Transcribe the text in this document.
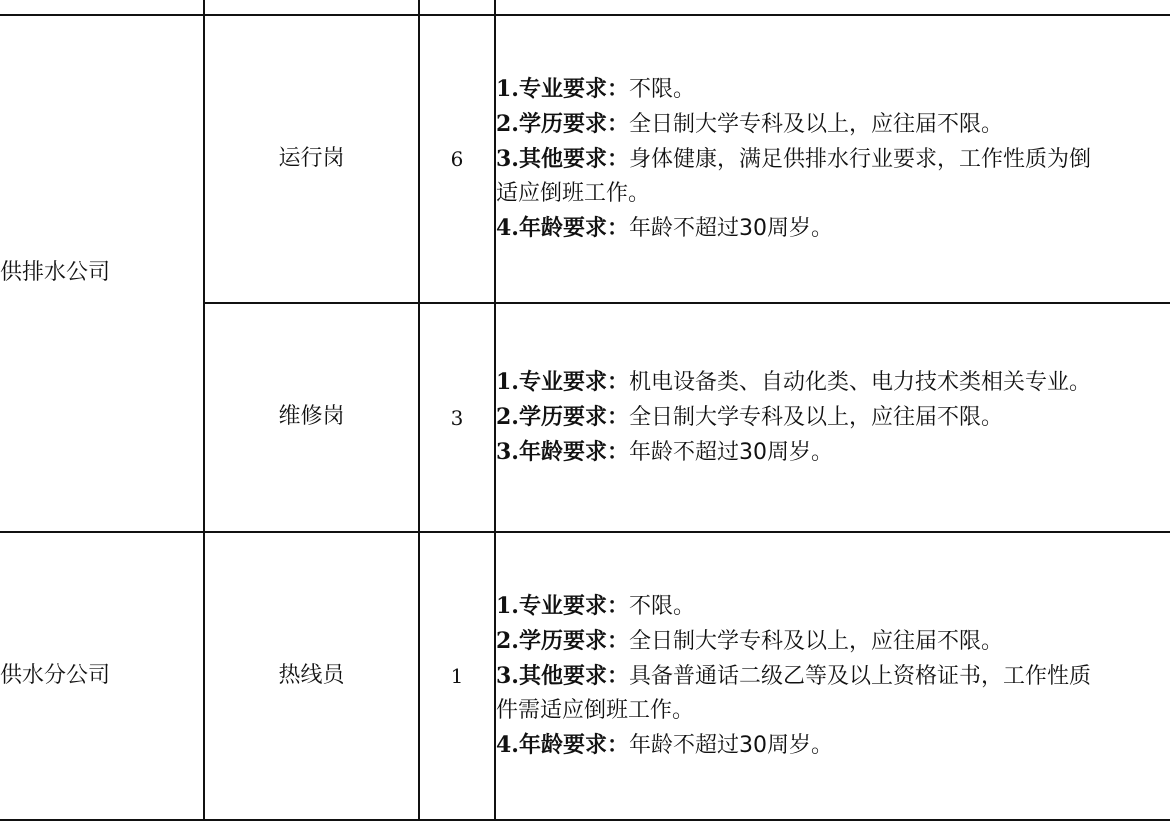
供排水公司	运行岗	6	1.专业要求：不限。
2.学历要求：全日制大学专科及以上，应往届不限。
3.其他要求：身体健康，满足供排水行业要求，工作性质为倒
适应倒班工作。
4.年龄要求：年龄不超过30周岁。

	维修岗	3	1.专业要求：机电设备类、自动化类、电力技术类相关专业。
2.学历要求：全日制大学专科及以上，应往届不限。
3.年龄要求：年龄不超过30周岁。

供水分公司	热线员	1	1.专业要求：不限。
2.学历要求：全日制大学专科及以上，应往届不限。
3.其他要求：具备普通话二级乙等及以上资格证书，工作性质
件需适应倒班工作。
4.年龄要求：年龄不超过30周岁。
